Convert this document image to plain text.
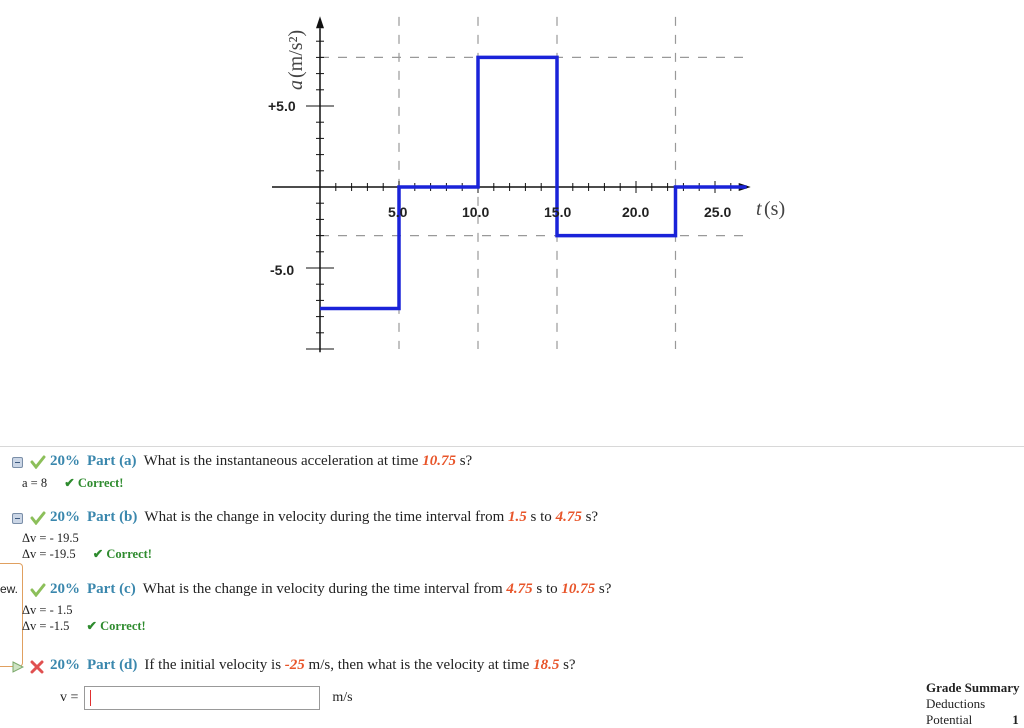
5.0	10.0	15.0	20.0	25.0
+5.0
-5.0
a
(m/s²)
t (s)
20% Part (a) What is the instantaneous acceleration at time 10.75 s?
a = 8 ✔ Correct!
20% Part (b) What is the change in velocity during the time interval from 1.5 s to 4.75 s?
Δv = - 19.5
Δv = -19.5 ✔ Correct!
ew. 20% Part (c) What is the change in velocity during the time interval from 4.75 s to 10.75 s?
Δv = - 1.5
Δv = -1.5 ✔ Correct!
20% Part (d) If the initial velocity is -25 m/s, then what is the velocity at time 18.5 s?
v =	m/s
Grade Summary
Deductions
Potential	1
